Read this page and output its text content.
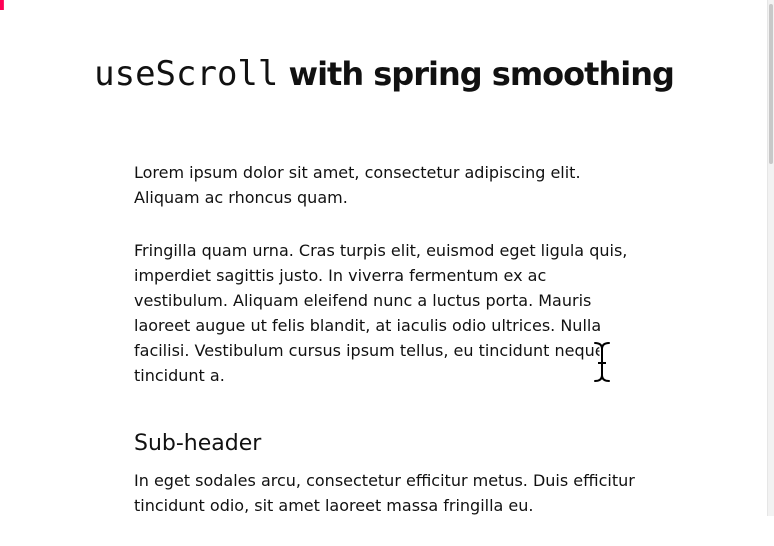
useScroll with spring smoothing

Lorem ipsum dolor sit amet, consectetur adipiscing elit. Aliquam ac rhoncus quam.

Fringilla quam urna. Cras turpis elit, euismod eget ligula quis, imperdiet sagittis justo. In viverra fermentum ex ac vestibulum. Aliquam eleifend nunc a luctus porta. Mauris laoreet augue ut felis blandit, at iaculis odio ultrices. Nulla facilisi. Vestibulum cursus ipsum tellus, eu tincidunt neque tincidunt a.

Sub-header

In eget sodales arcu, consectetur efficitur metus. Duis efficitur tincidunt odio, sit amet laoreet massa fringilla eu.
